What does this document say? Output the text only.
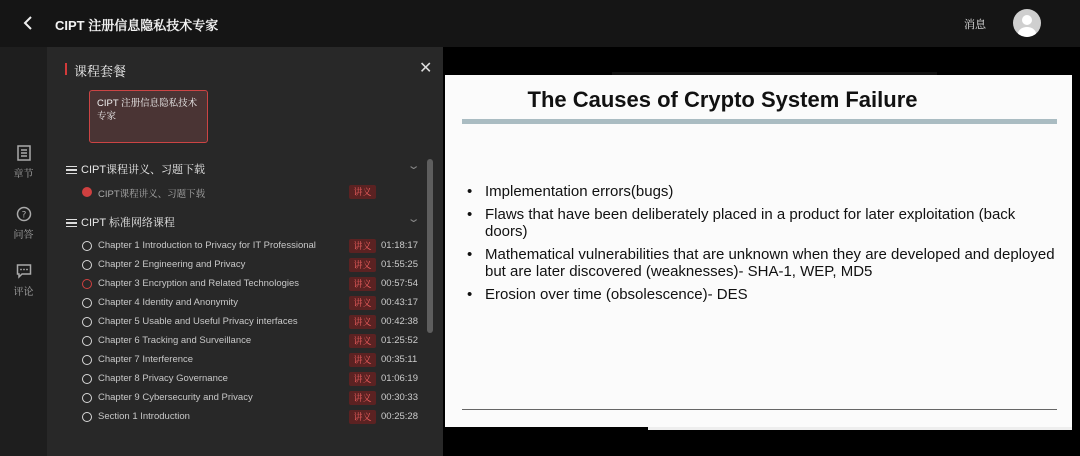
CIPT 注册信息隐私技术专家	消息
章节
?
问答
评论
课程套餐	✕
CIPT 注册信息隐私技术专家
CIPT课程讲义、习题下载	⌄
CIPT课程讲义、习题下载	讲义
CIPT 标准网络课程	⌄
Chapter 1 Introduction to Privacy for IT Professional	讲义	01:18:17
Chapter 2 Engineering and Privacy	讲义	01:55:25
Chapter 3 Encryption and Related Technologies	讲义	00:57:54
Chapter 4 Identity and Anonymity	讲义	00:43:17
Chapter 5 Usable and Useful Privacy interfaces	讲义	00:42:38
Chapter 6 Tracking and Surveillance	讲义	01:25:52
Chapter 7 Interference	讲义	00:35:11
Chapter 8 Privacy Governance	讲义	01:06:19
Chapter 9 Cybersecurity and Privacy	讲义	00:30:33
Section 1 Introduction	讲义	00:25:28
The Causes of Crypto System Failure
• Implementation errors(bugs)
• Flaws that have been deliberately placed in a product for later exploitation (back doors)
• Mathematical vulnerabilities that are unknown when they are developed and deployed but are later discovered (weaknesses)- SHA-1, WEP, MD5
• Erosion over time (obsolescence)- DES
